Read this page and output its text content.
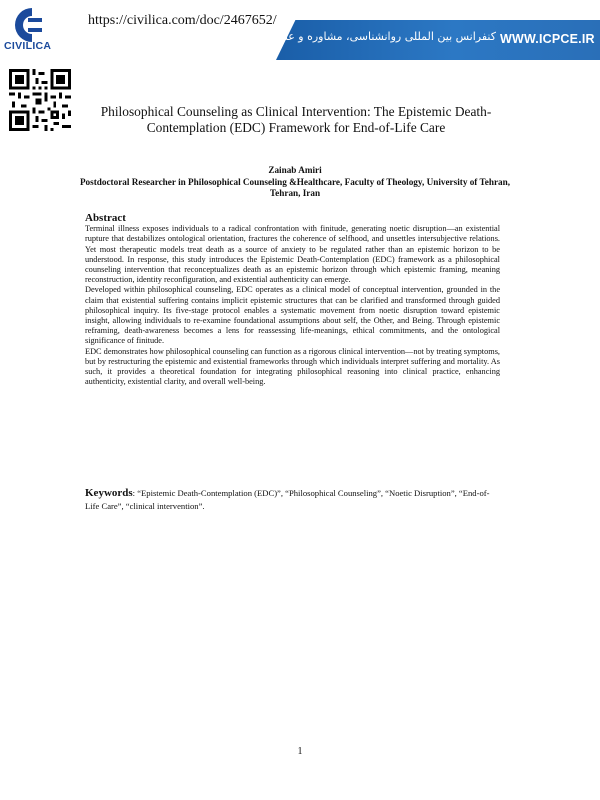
CIVILICA
https://civilica.com/doc/2467652/
کنفرانس بین المللی روانشناسی، مشاوره و علوم تربیتی WWW.ICPCE.IR
Philosophical Counseling as Clinical Intervention: The Epistemic Death-Contemplation (EDC) Framework for End-of-Life Care
Zainab Amiri
Postdoctoral Researcher in Philosophical Counseling &Healthcare, Faculty of Theology, University of Tehran, Tehran, Iran
Abstract

Terminal illness exposes individuals to a radical confrontation with finitude, generating noetic disruption—an existential rupture that destabilizes ontological orientation, fractures the coherence of selfhood, and unsettles intersubjective relations. Yet most therapeutic models treat death as a source of anxiety to be regulated rather than an epistemic horizon to be understood. In response, this study introduces the Epistemic Death-Contemplation (EDC) framework as a philosophical counseling intervention that reconceptualizes death as an epistemic horizon through which epistemic framing, meaning reconstruction, identity reconfiguration, and existential authenticity can emerge.

Developed within philosophical counseling, EDC operates as a clinical model of conceptual intervention, grounded in the claim that existential suffering contains implicit epistemic structures that can be clarified and transformed through guided philosophical inquiry. Its five-stage protocol enables a systematic movement from noetic disruption toward epistemic insight, allowing individuals to re-examine foundational assumptions about self, the Other, and Being. Through epistemic reframing, death-awareness becomes a lens for reassessing life-meanings, ethical commitments, and the ontological significance of finitude.

EDC demonstrates how philosophical counseling can function as a rigorous clinical intervention—not by treating symptoms, but by restructuring the epistemic and existential frameworks through which individuals interpret suffering and mortality. As such, it provides a theoretical foundation for integrating philosophical reasoning into clinical practice, enhancing authenticity, existential clarity, and overall well-being.

Keywords: “Epistemic Death-Contemplation (EDC)”, “Philosophical Counseling”, “Noetic Disruption”, “End-of-Life Care”, “clinical intervention”.
1
